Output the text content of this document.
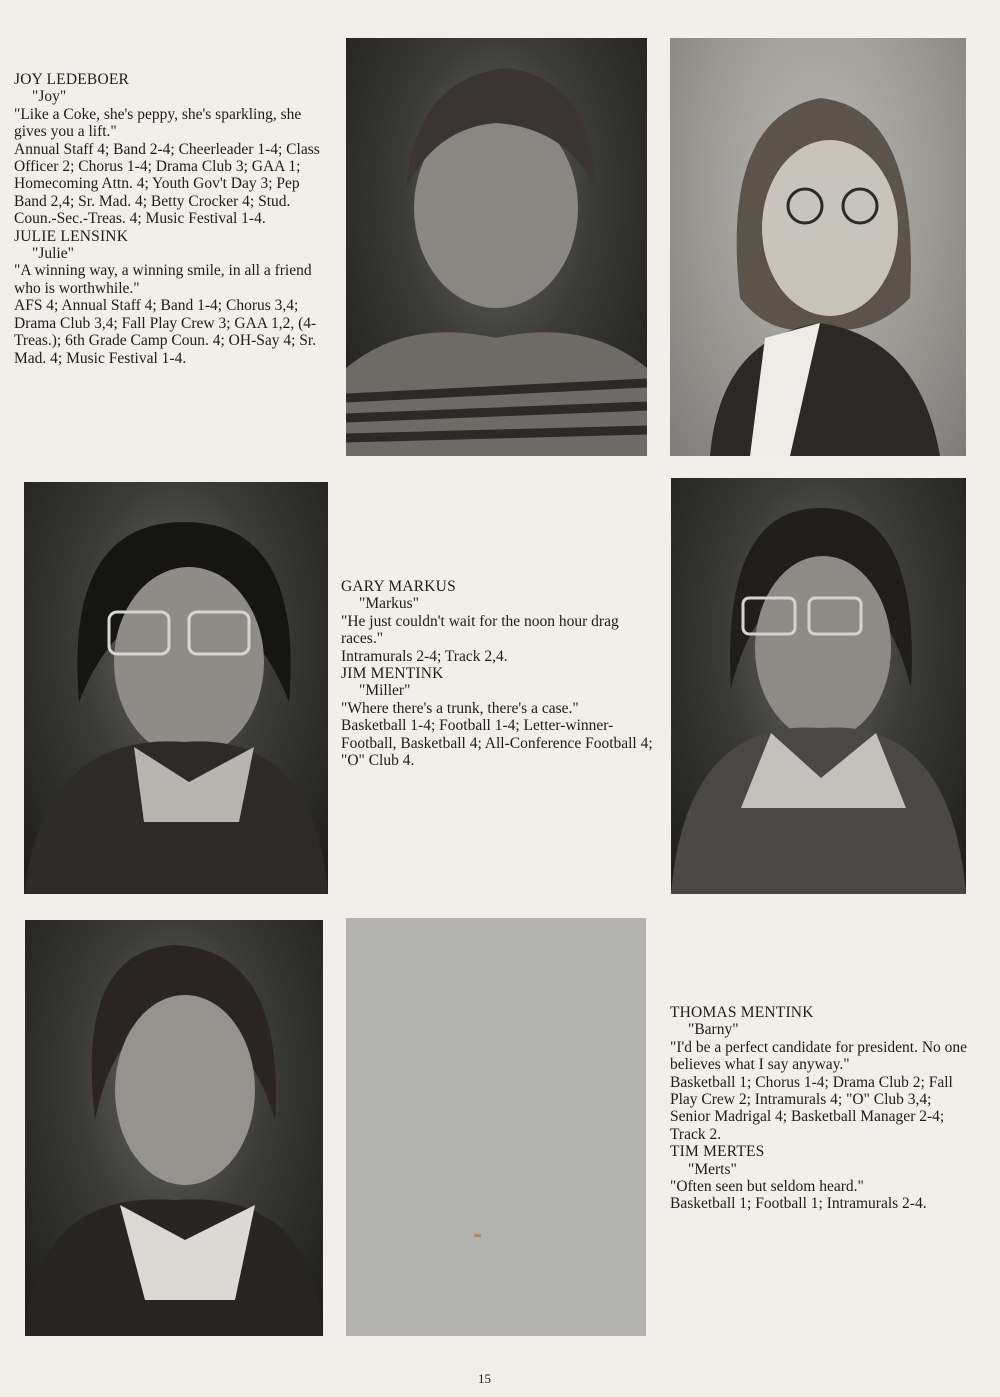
JOY LEDEBOER

"Joy"

"Like a Coke, she's peppy, she's sparkling, she gives you a lift."

Annual Staff 4; Band 2-4; Cheerleader 1-4; Class Officer 2; Chorus 1-4; Drama Club 3; GAA 1; Homecoming Attn. 4; Youth Gov't Day 3; Pep Band 2,4; Sr. Mad. 4; Betty Crocker 4; Stud. Coun.-Sec.-Treas. 4; Music Festival 1-4.

JULIE LENSINK

"Julie"

"A winning way, a winning smile, in all a friend who is worthwhile."

AFS 4; Annual Staff 4; Band 1-4; Chorus 3,4; Drama Club 3,4; Fall Play Crew 3; GAA 1,2, (4-Treas.); 6th Grade Camp Coun. 4; OH-Say 4; Sr. Mad. 4; Music Festival 1-4.

GARY MARKUS

"Markus"

"He just couldn't wait for the noon hour drag races."

Intramurals 2-4; Track 2,4.

JIM MENTINK

"Miller"

"Where there's a trunk, there's a case."

Basketball 1-4; Football 1-4; Letter-winner-Football, Basketball 4; All-Conference Football 4; "O" Club 4.

THOMAS MENTINK

"Barny"

"I'd be a perfect candidate for president. No one believes what I say anyway."

Basketball 1; Chorus 1-4; Drama Club 2; Fall Play Crew 2; Intramurals 4; "O" Club 3,4; Senior Madrigal 4; Basketball Manager 2-4; Track 2.

TIM MERTES

"Merts"

"Often seen but seldom heard."

Basketball 1; Football 1; Intramurals 2-4.

15
